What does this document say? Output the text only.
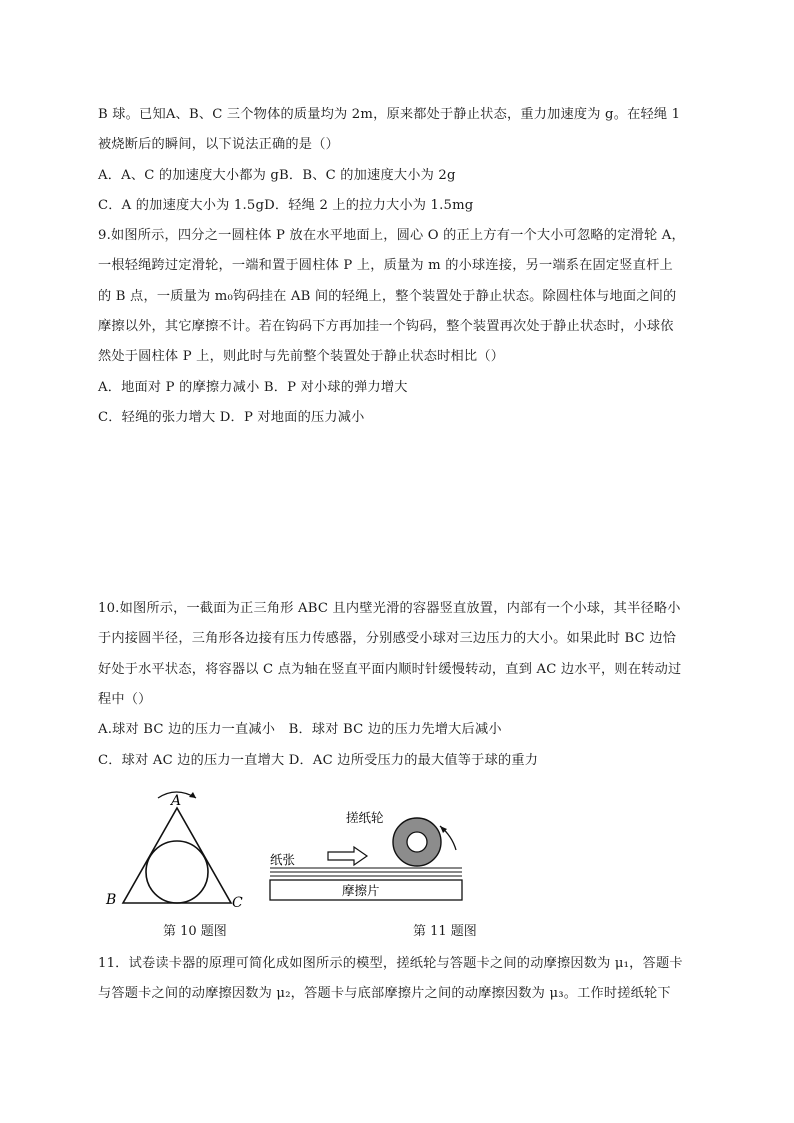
B 球。已知A、B、C 三个物体的质量均为 2m，原来都处于静止状态，重力加速度为 g。在轻绳 1
被烧断后的瞬间，以下说法正确的是（）
A．A、C 的加速度大小都为 gB．B、C 的加速度大小为 2g
C．A 的加速度大小为 1.5gD．轻绳 2 上的拉力大小为 1.5mg
9.如图所示，四分之一圆柱体 P 放在水平地面上，圆心 O 的正上方有一个大小可忽略的定滑轮 A，
一根轻绳跨过定滑轮，一端和置于圆柱体 P 上，质量为 m 的小球连接，另一端系在固定竖直杆上
的 B 点，一质量为 m₀钩码挂在 AB 间的轻绳上，整个装置处于静止状态。除圆柱体与地面之间的
摩擦以外，其它摩擦不计。若在钩码下方再加挂一个钩码，整个装置再次处于静止状态时，小球依
然处于圆柱体 P 上，则此时与先前整个装置处于静止状态时相比（）
A．地面对 P 的摩擦力减小 B．P 对小球的弹力增大
C．轻绳的张力增大 D．P 对地面的压力减小
10.如图所示，一截面为正三角形 ABC 且内壁光滑的容器竖直放置，内部有一个小球，其半径略小
于内接圆半径，三角形各边接有压力传感器，分别感受小球对三边压力的大小。如果此时 BC 边恰
好处于水平状态，将容器以 C 点为轴在竖直平面内顺时针缓慢转动，直到 AC 边水平，则在转动过
程中（）
A.球对 BC 边的压力一直减小　B．球对 BC 边的压力先增大后减小
C．球对 AC 边的压力一直增大 D．AC 边所受压力的最大值等于球的重力
A
B	C
第 10 题图
搓纸轮
纸张
摩擦片
第 11 题图
11．试卷读卡器的原理可简化成如图所示的模型，搓纸轮与答题卡之间的动摩擦因数为 μ₁，答题卡
与答题卡之间的动摩擦因数为 μ₂，答题卡与底部摩擦片之间的动摩擦因数为 μ₃。工作时搓纸轮下
